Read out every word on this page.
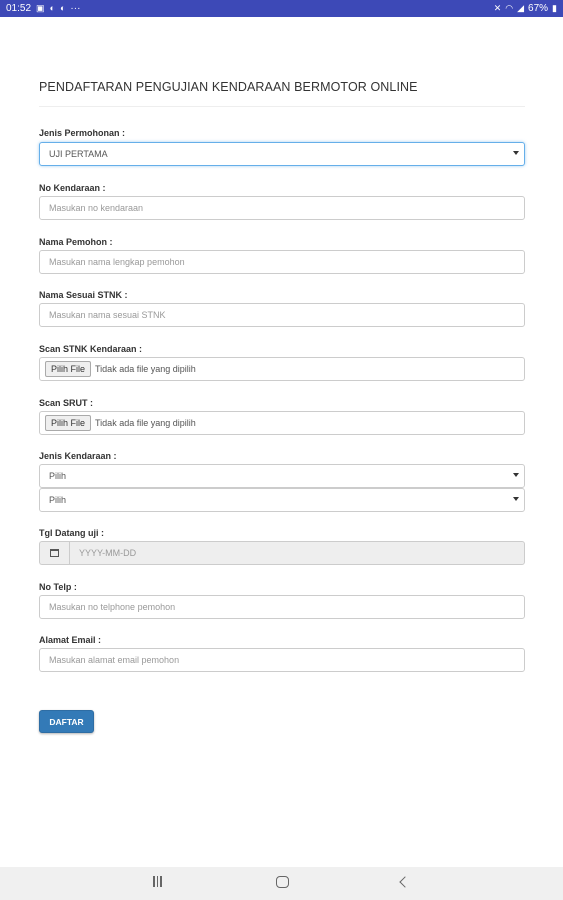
01:52 ▣ ◐ ◐ ···	✕ ◠ ◢ 67% ▮
PENDAFTARAN PENGUJIAN KENDARAAN BERMOTOR ONLINE
Jenis Permohonan :
UJI PERTAMA
No Kendaraan :
Masukan no kendaraan
Nama Pemohon :
Masukan nama lengkap pemohon
Nama Sesuai STNK :
Masukan nama sesuai STNK
Scan STNK Kendaraan :
Pilih File	Tidak ada file yang dipilih
Scan SRUT :
Pilih File	Tidak ada file yang dipilih
Jenis Kendaraan :
Pilih
Pilih
Tgl Datang uji :
YYYY-MM-DD
No Telp :
Masukan no telphone pemohon
Alamat Email :
Masukan alamat email pemohon
DAFTAR
